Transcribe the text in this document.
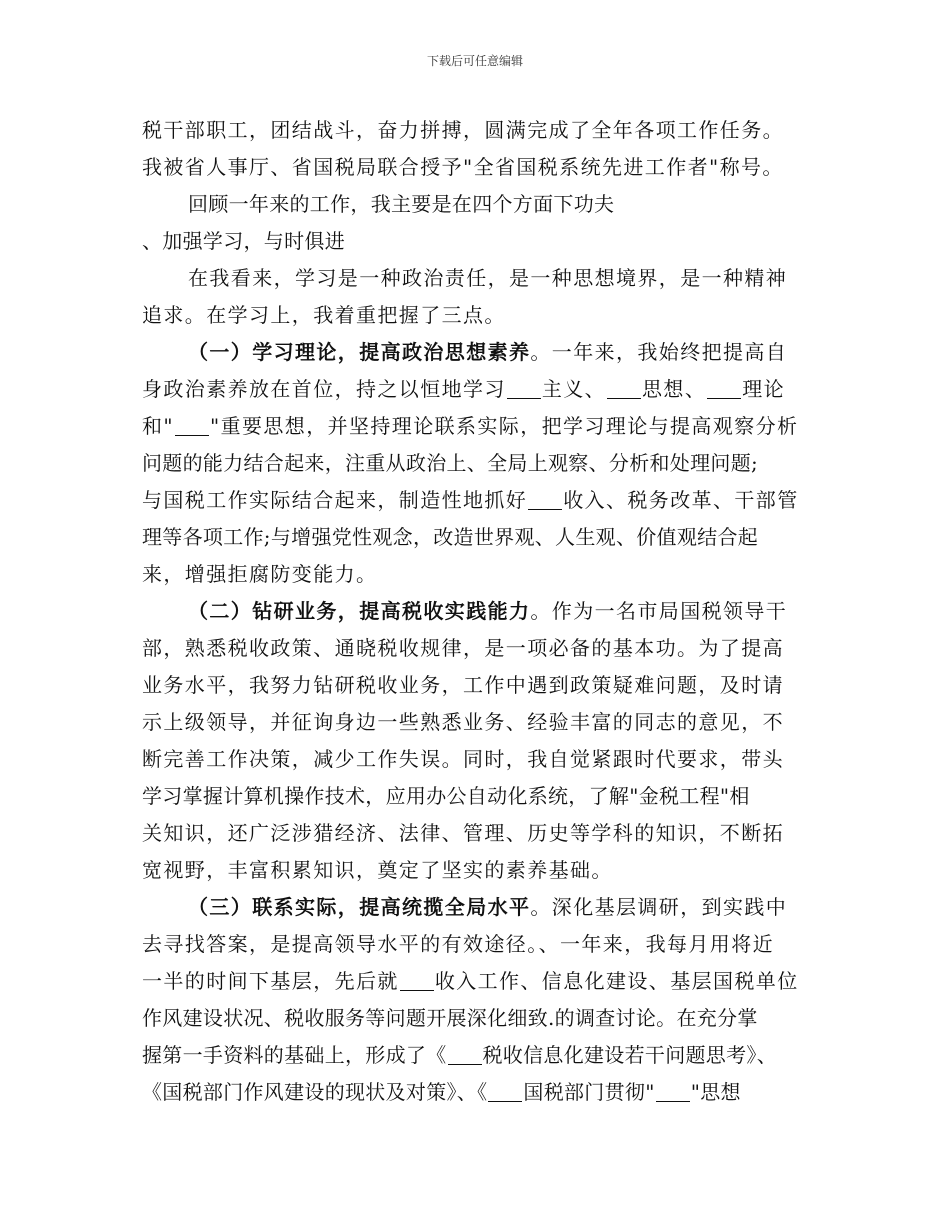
下载后可任意编辑
税干部职工，团结战斗，奋力拼搏，圆满完成了全年各项工作任务。
我被省人事厅、省国税局联合授予"全省国税系统先进工作者"称号。
回顾一年来的工作，我主要是在四个方面下功夫
、加强学习，与时俱进
在我看来，学习是一种政治责任，是一种思想境界，是一种精神
追求。在学习上，我着重把握了三点。
（一）学习理论，提高政治思想素养。一年来，我始终把提高自
身政治素养放在首位，持之以恒地学习 主义、 思想、 理论
和" "重要思想，并坚持理论联系实际，把学习理论与提高观察分析
问题的能力结合起来，注重从政治上、全局上观察、分析和处理问题;
与国税工作实际结合起来，制造性地抓好 收入、税务改革、干部管
理等各项工作;与增强党性观念，改造世界观、人生观、价值观结合起
来，增强拒腐防变能力。
（二）钻研业务，提高税收实践能力。作为一名市局国税领导干
部，熟悉税收政策、通晓税收规律，是一项必备的基本功。为了提高
业务水平，我努力钻研税收业务，工作中遇到政策疑难问题，及时请
示上级领导，并征询身边一些熟悉业务、经验丰富的同志的意见，不
断完善工作决策，减少工作失误。同时，我自觉紧跟时代要求，带头
学习掌握计算机操作技术，应用办公自动化系统，了解"金税工程"相
关知识，还广泛涉猎经济、法律、管理、历史等学科的知识，不断拓
宽视野，丰富积累知识，奠定了坚实的素养基础。
（三）联系实际，提高统揽全局水平。深化基层调研，到实践中
去寻找答案，是提高领导水平的有效途径。、一年来，我每月用将近
一半的时间下基层，先后就 收入工作、信息化建设、基层国税单位
作风建设状况、税收服务等问题开展深化细致.的调查讨论。在充分掌
握第一手资料的基础上，形成了《 税收信息化建设若干问题思考》、
《国税部门作风建设的现状及对策》、《 国税部门贯彻" "思想
